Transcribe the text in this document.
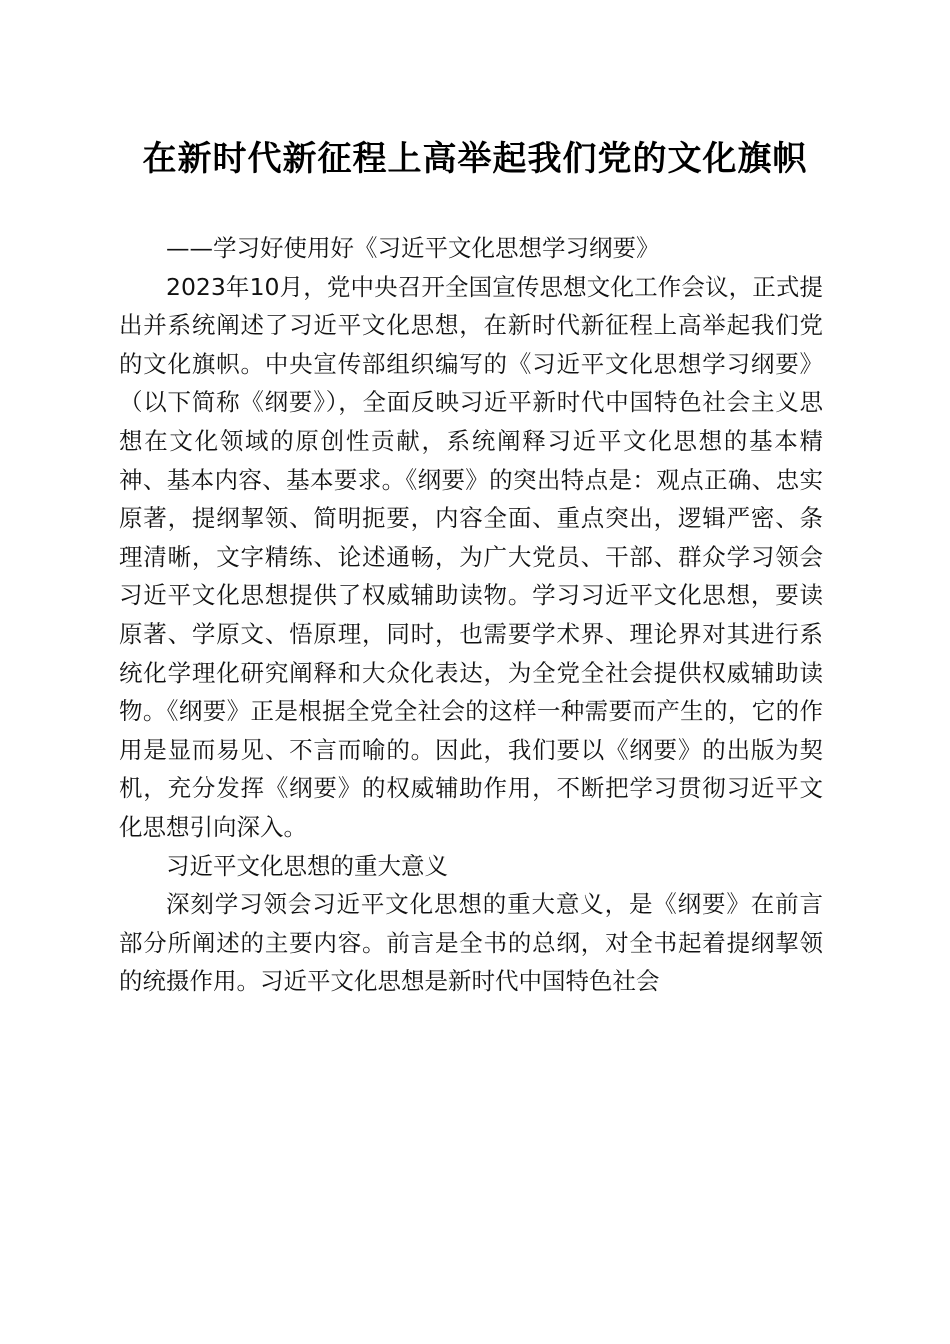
在新时代新征程上高举起我们党的文化旗帜

——学习好使用好《习近平文化思想学习纲要》

2023年10月，党中央召开全国宣传思想文化工作会议，正式提出并系统阐述了习近平文化思想，在新时代新征程上高举起我们党的文化旗帜。中央宣传部组织编写的《习近平文化思想学习纲要》（以下简称《纲要》），全面反映习近平新时代中国特色社会主义思想在文化领域的原创性贡献，系统阐释习近平文化思想的基本精神、基本内容、基本要求。《纲要》的突出特点是：观点正确、忠实原著，提纲挈领、简明扼要，内容全面、重点突出，逻辑严密、条理清晰，文字精练、论述通畅，为广大党员、干部、群众学习领会习近平文化思想提供了权威辅助读物。学习习近平文化思想，要读原著、学原文、悟原理，同时，也需要学术界、理论界对其进行系统化学理化研究阐释和大众化表达，为全党全社会提供权威辅助读物。《纲要》正是根据全党全社会的这样一种需要而产生的，它的作用是显而易见、不言而喻的。因此，我们要以《纲要》的出版为契机，充分发挥《纲要》的权威辅助作用，不断把学习贯彻习近平文化思想引向深入。

习近平文化思想的重大意义

深刻学习领会习近平文化思想的重大意义，是《纲要》在前言部分所阐述的主要内容。前言是全书的总纲，对全书起着提纲挈领的统摄作用。习近平文化思想是新时代中国特色社会
